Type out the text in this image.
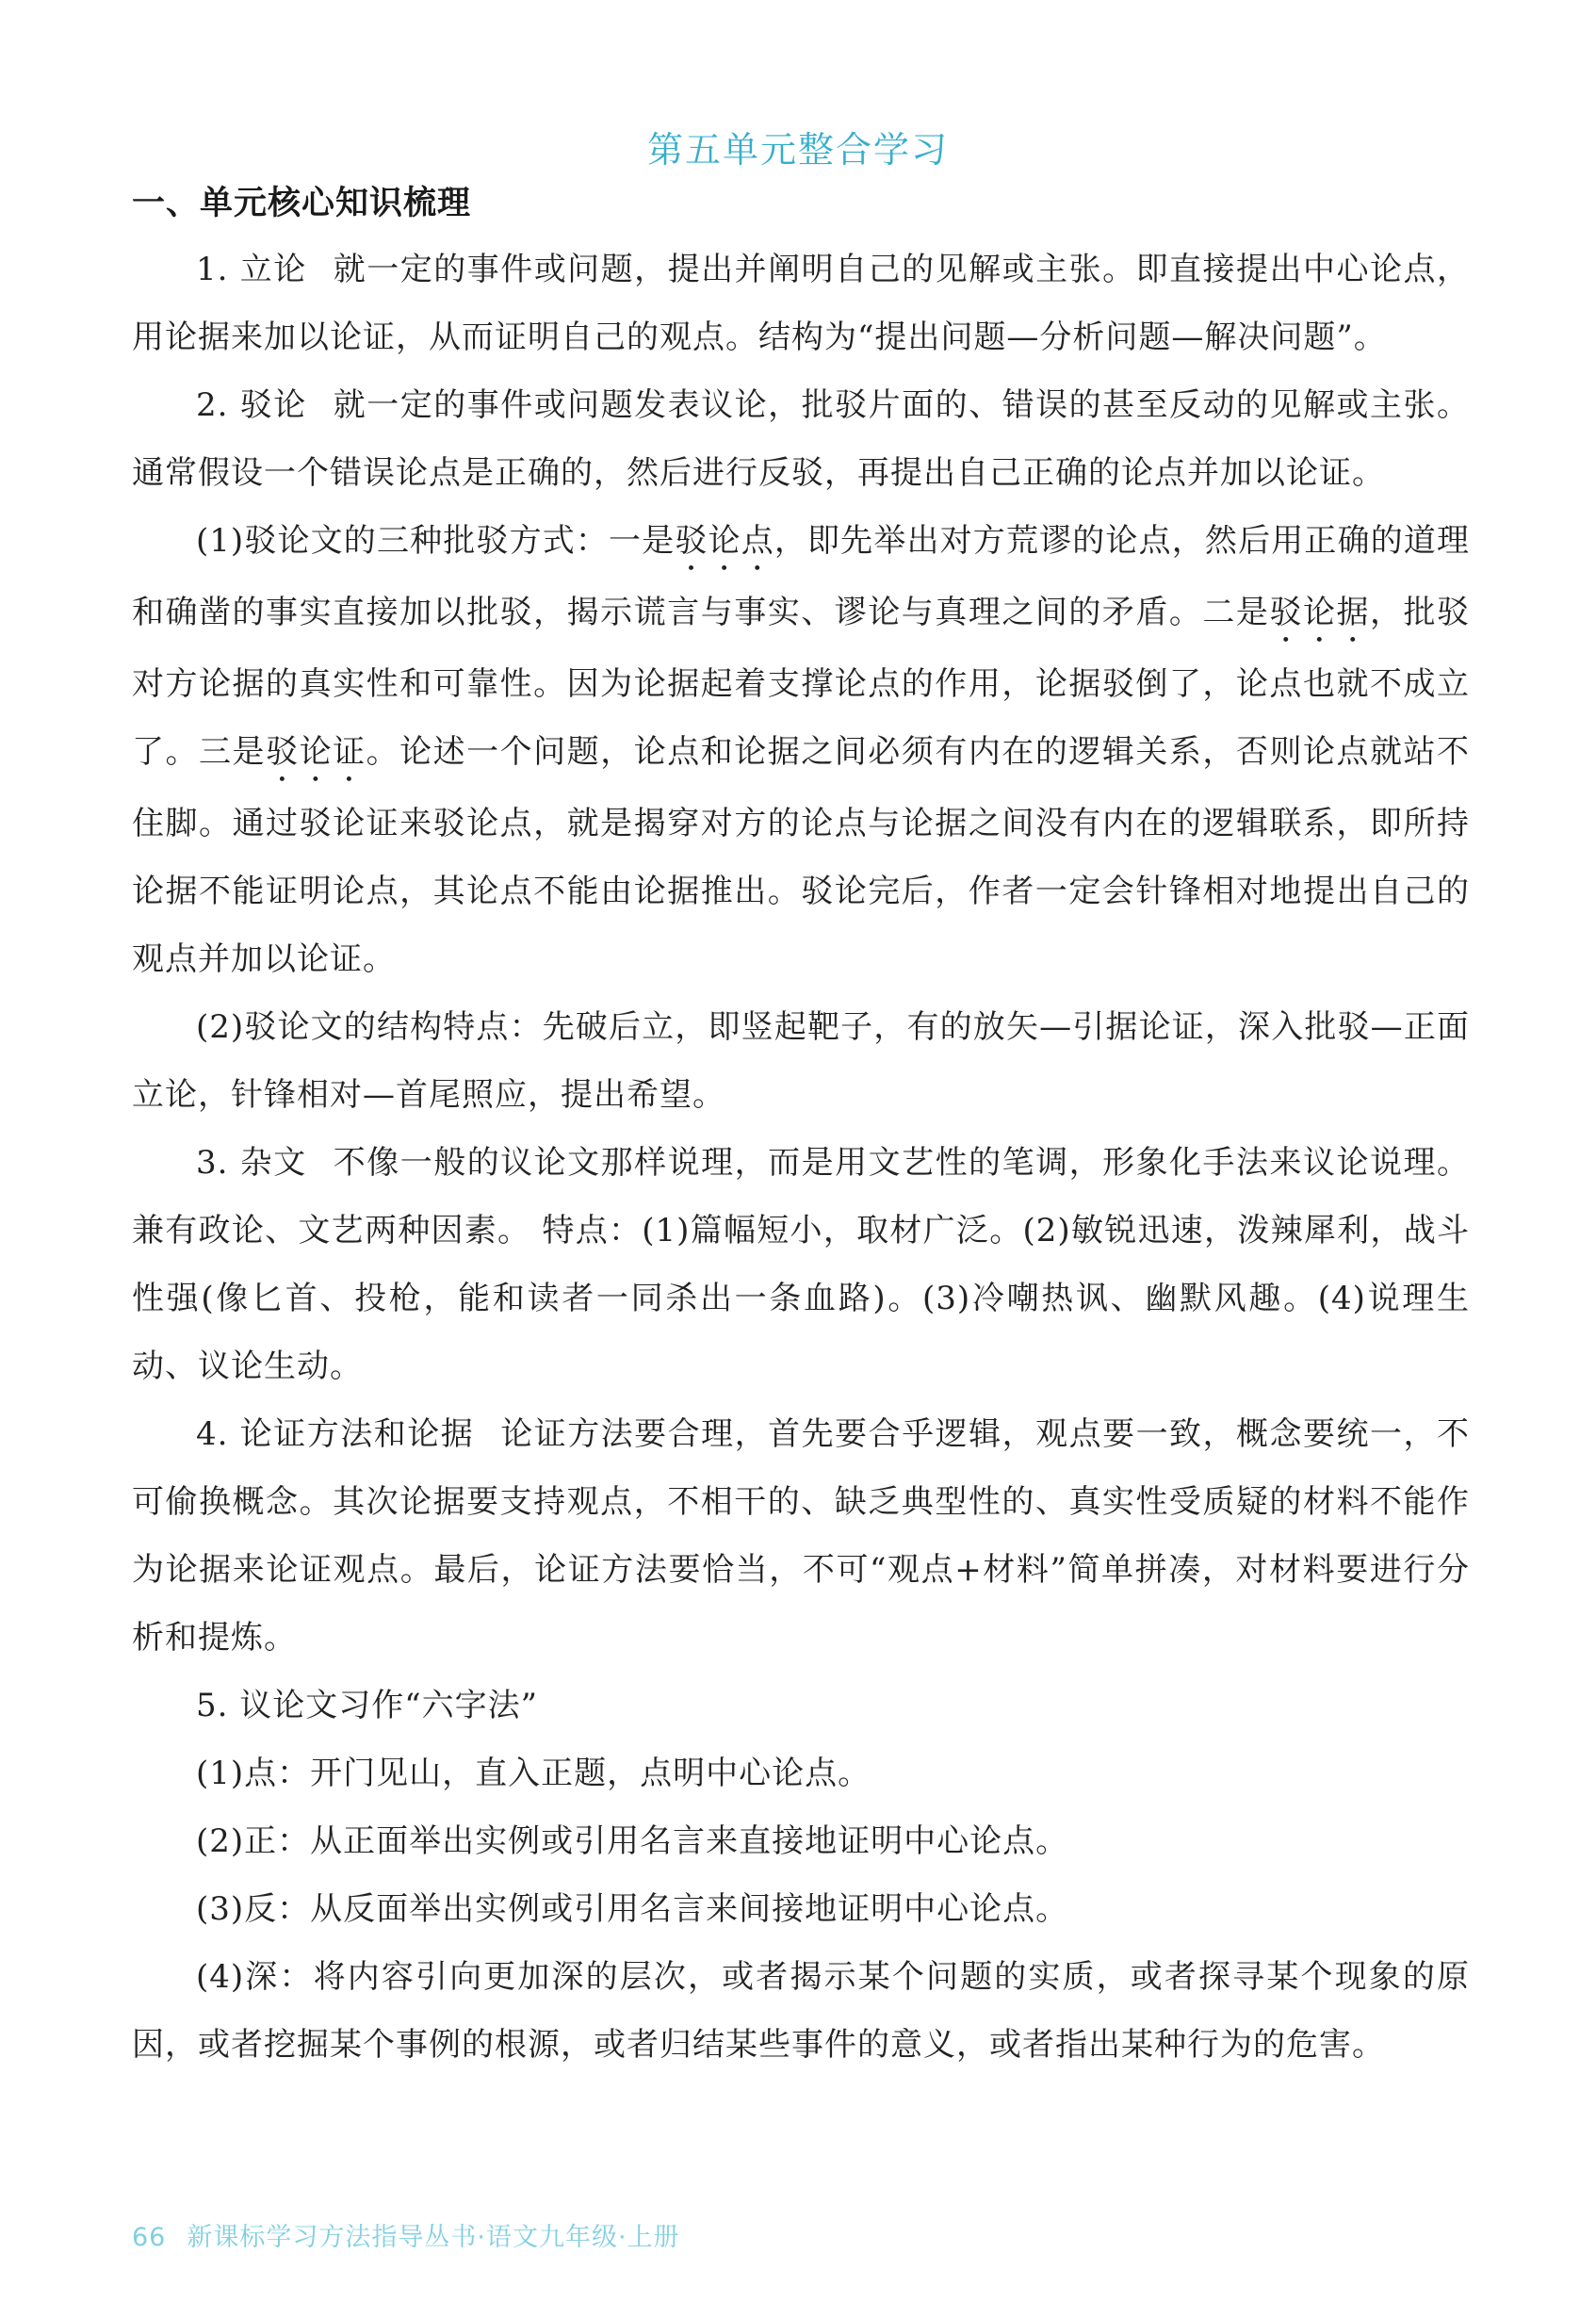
第五单元整合学习
一、单元核心知识梳理

1. 立论 就一定的事件或问题，提出并阐明自己的见解或主张。即直接提出中心论点，用论据来加以论证，从而证明自己的观点。结构为“提出问题—分析问题—解决问题”。

2. 驳论 就一定的事件或问题发表议论，批驳片面的、错误的甚至反动的见解或主张。通常假设一个错误论点是正确的，然后进行反驳，再提出自己正确的论点并加以论证。

(1)驳论文的三种批驳方式：一是驳论点，即先举出对方荒谬的论点，然后用正确的道理和确凿的事实直接加以批驳，揭示谎言与事实、谬论与真理之间的矛盾。二是驳论据，批驳对方论据的真实性和可靠性。因为论据起着支撑论点的作用，论据驳倒了，论点也就不成立了。三是驳论证。论述一个问题，论点和论据之间必须有内在的逻辑关系，否则论点就站不住脚。通过驳论证来驳论点，就是揭穿对方的论点与论据之间没有内在的逻辑联系，即所持论据不能证明论点，其论点不能由论据推出。驳论完后，作者一定会针锋相对地提出自己的观点并加以论证。

(2)驳论文的结构特点：先破后立，即竖起靶子，有的放矢—引据论证，深入批驳—正面立论，针锋相对—首尾照应，提出希望。

3. 杂文 不像一般的议论文那样说理，而是用文艺性的笔调，形象化手法来议论说理。兼有政论、文艺两种因素。 特点：(1)篇幅短小，取材广泛。(2)敏锐迅速，泼辣犀利，战斗性强(像匕首、投枪，能和读者一同杀出一条血路)。(3)冷嘲热讽、幽默风趣。(4)说理生动、议论生动。

4. 论证方法和论据 论证方法要合理，首先要合乎逻辑，观点要一致，概念要统一，不可偷换概念。其次论据要支持观点，不相干的、缺乏典型性的、真实性受质疑的材料不能作为论据来论证观点。最后，论证方法要恰当，不可“观点+材料”简单拼凑，对材料要进行分析和提炼。

5. 议论文习作“六字法”

(1)点：开门见山，直入正题，点明中心论点。

(2)正：从正面举出实例或引用名言来直接地证明中心论点。

(3)反：从反面举出实例或引用名言来间接地证明中心论点。

(4)深：将内容引向更加深的层次，或者揭示某个问题的实质，或者探寻某个现象的原因，或者挖掘某个事例的根源，或者归结某些事件的意义，或者指出某种行为的危害。

66 新课标学习方法指导丛书·语文九年级·上册
